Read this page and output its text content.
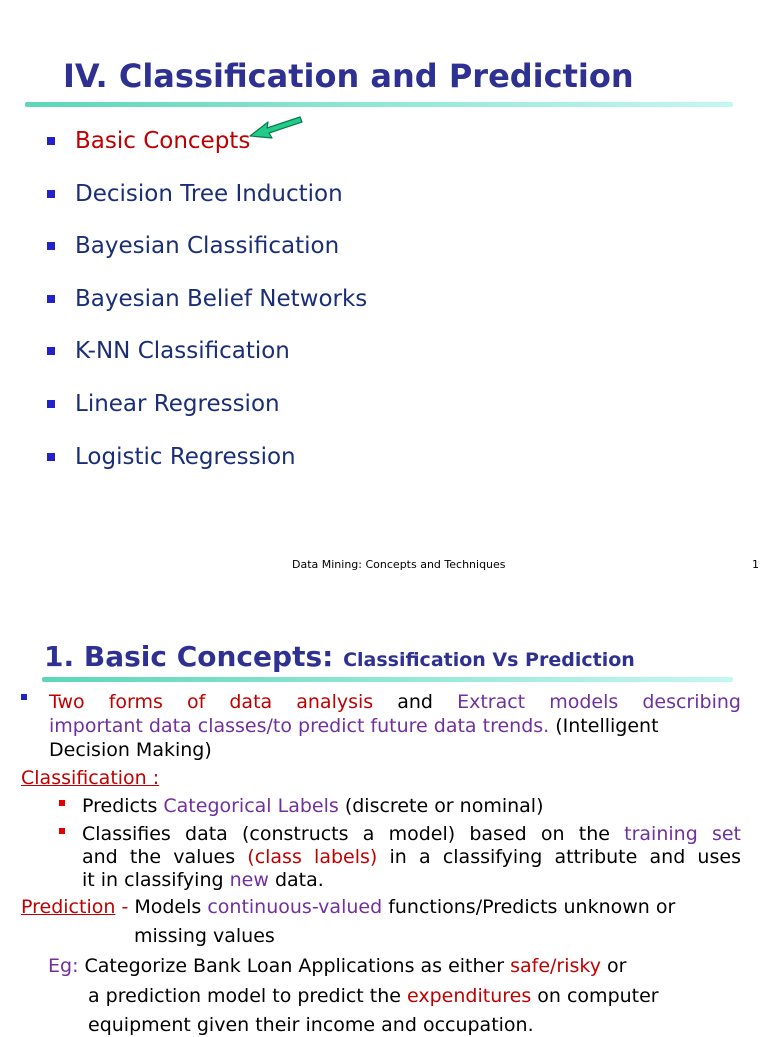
IV. Classification and Prediction
Basic Concepts
Decision Tree Induction
Bayesian Classification
Bayesian Belief Networks
K-NN Classification
Linear Regression
Logistic Regression
Data Mining: Concepts and Techniques	1
1. Basic Concepts: Classification Vs Prediction
Two forms of data analysis and Extract models describing
important data classes/to predict future data trends. (Intelligent
Decision Making)
Classification :
Predicts Categorical Labels (discrete or nominal)
Classifies data (constructs a model) based on the training set
and the values (class labels) in a classifying attribute and uses
it in classifying new data.
Prediction - Models continuous-valued functions/Predicts unknown or
missing values
Eg: Categorize Bank Loan Applications as either safe/risky or
a prediction model to predict the expenditures on computer
equipment given their income and occupation.
